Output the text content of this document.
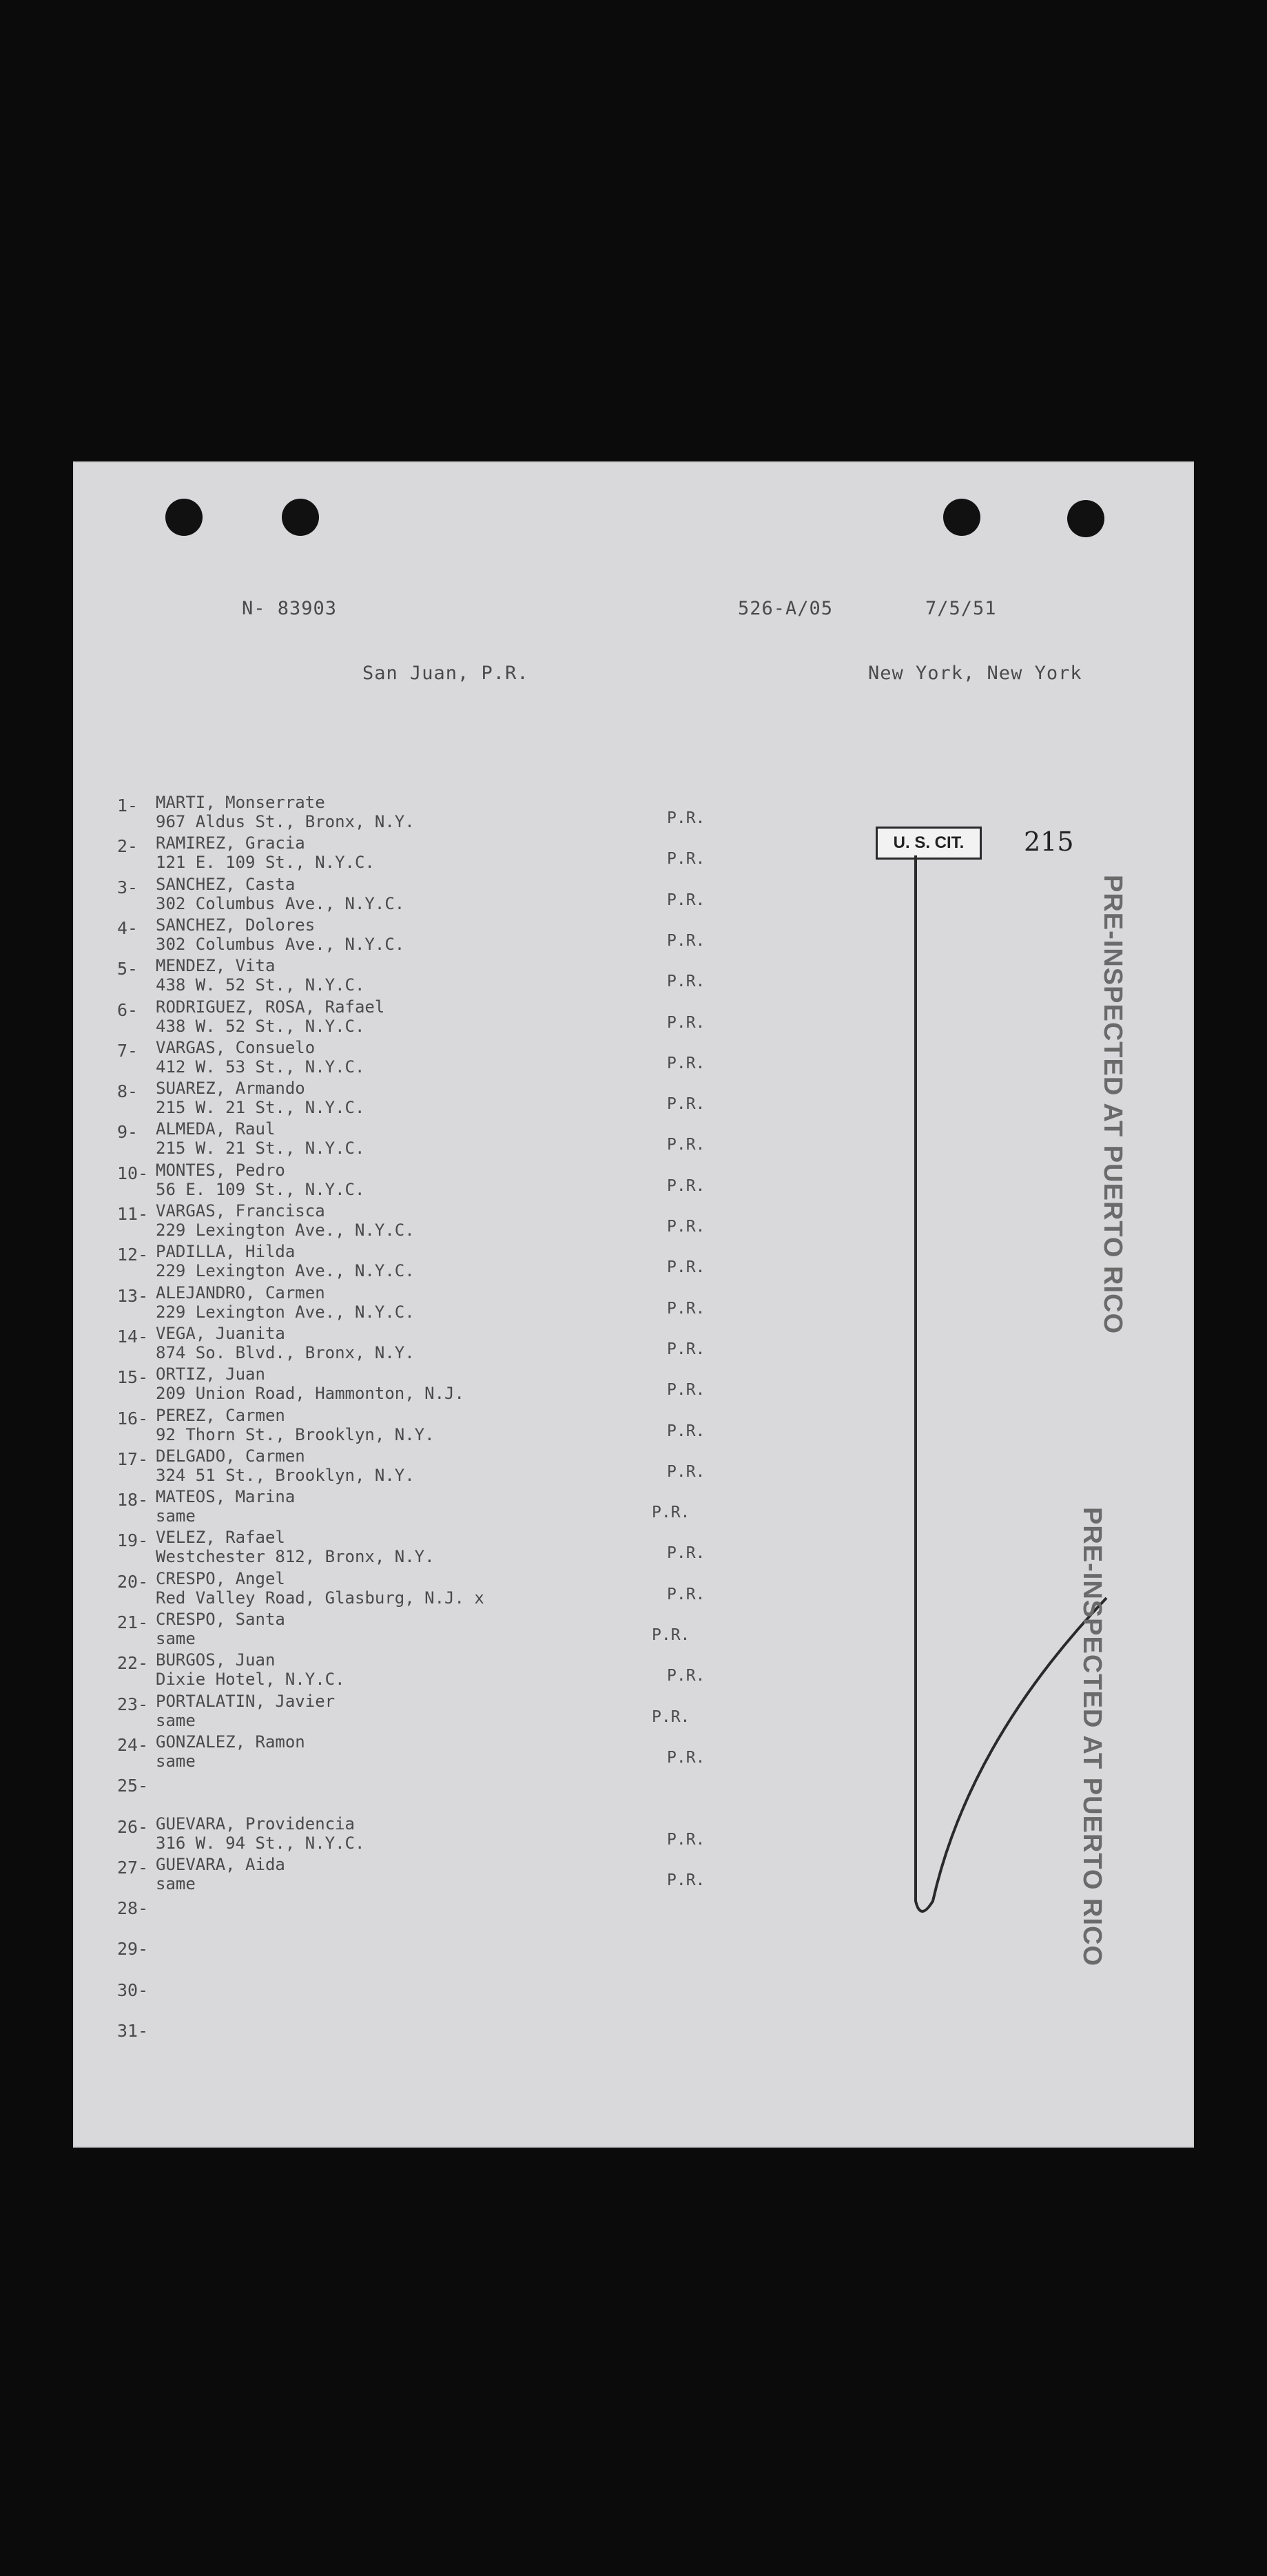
N- 83903	526-A/05	7/5/51
San Juan, P.R.	New York, New York
U. S. CIT.	215
PRE-INSPECTED AT PUERTO RICO
PRE-INSPECTED AT PUERTO RICO
1- MARTI, Monserrate
967 Aldus St., Bronx, N.Y.	P.R.
2- RAMIREZ, Gracia
121 E. 109 St., N.Y.C.	P.R.
3- SANCHEZ, Casta
302 Columbus Ave., N.Y.C.	P.R.
4- SANCHEZ, Dolores
302 Columbus Ave., N.Y.C.	P.R.
5- MENDEZ, Vita
438 W. 52 St., N.Y.C.	P.R.
6- RODRIGUEZ, ROSA, Rafael
438 W. 52 St., N.Y.C.	P.R.
7- VARGAS, Consuelo
412 W. 53 St., N.Y.C.	P.R.
8- SUAREZ, Armando
215 W. 21 St., N.Y.C.	P.R.
9- ALMEDA, Raul
215 W. 21 St., N.Y.C.	P.R.
10- MONTES, Pedro
56 E. 109 St., N.Y.C.	P.R.
11- VARGAS, Francisca
229 Lexington Ave., N.Y.C.	P.R.
12- PADILLA, Hilda
229 Lexington Ave., N.Y.C.	P.R.
13- ALEJANDRO, Carmen
229 Lexington Ave., N.Y.C.	P.R.
14- VEGA, Juanita
874 So. Blvd., Bronx, N.Y.	P.R.
15- ORTIZ, Juan
209 Union Road, Hammonton, N.J.	P.R.
16- PEREZ, Carmen
92 Thorn St., Brooklyn, N.Y.	P.R.
17- DELGADO, Carmen
324 51 St., Brooklyn, N.Y.	P.R.
18- MATEOS, Marina
same	P.R.
19- VELEZ, Rafael
Westchester 812, Bronx, N.Y.	P.R.
20- CRESPO, Angel
Red Valley Road, Glasburg, N.J. x	P.R.
21- CRESPO, Santa
same	P.R.
22- BURGOS, Juan
Dixie Hotel, N.Y.C.	P.R.
23- PORTALATIN, Javier
same	P.R.
24- GONZALEZ, Ramon
same	P.R.
25-
26- GUEVARA, Providencia
316 W. 94 St., N.Y.C.	P.R.
27- GUEVARA, Aida
same	P.R.
28-
29-
30-
31-
